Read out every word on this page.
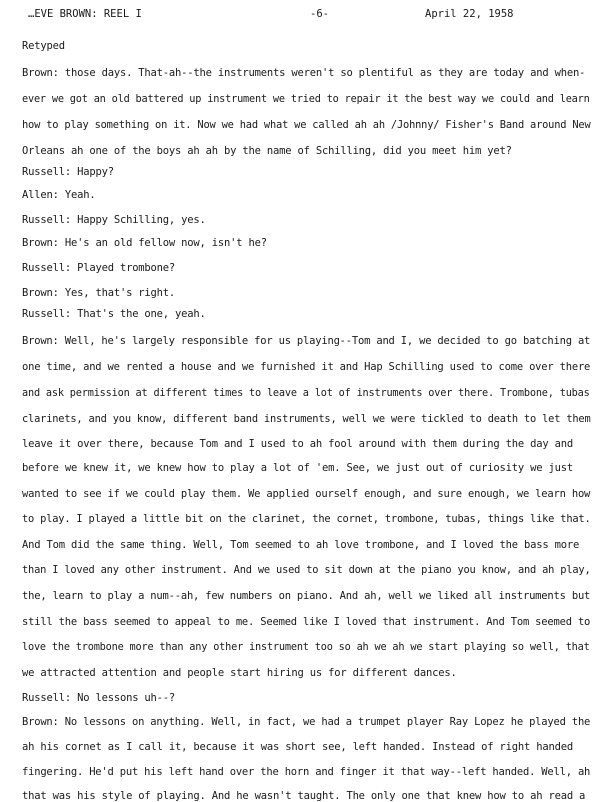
…EVE BROWN: REEL I	-6-	April 22, 1958
Retyped
Brown: those days. That-ah--the instruments weren't so plentiful as they are today and when-
ever we got an old battered up instrument we tried to repair it the best way we could and learn
how to play something on it. Now we had what we called ah ah /Johnny/ Fisher's Band around New
Orleans ah one of the boys ah ah by the name of Schilling, did you meet him yet?
Russell: Happy?
Allen: Yeah.
Russell: Happy Schilling, yes.
Brown: He's an old fellow now, isn't he?
Russell: Played trombone?
Brown: Yes, that's right.
Russell: That's the one, yeah.
Brown: Well, he's largely responsible for us playing--Tom and I, we decided to go batching at
one time, and we rented a house and we furnished it and Hap Schilling used to come over there
and ask permission at different times to leave a lot of instruments over there. Trombone, tubas
clarinets, and you know, different band instruments, well we were tickled to death to let them
leave it over there, because Tom and I used to ah fool around with them during the day and
before we knew it, we knew how to play a lot of 'em. See, we just out of curiosity we just
wanted to see if we could play them. We applied ourself enough, and sure enough, we learn how
to play. I played a little bit on the clarinet, the cornet, trombone, tubas, things like that.
And Tom did the same thing. Well, Tom seemed to ah love trombone, and I loved the bass more
than I loved any other instrument. And we used to sit down at the piano you know, and ah play,
the, learn to play a num--ah, few numbers on piano. And ah, well we liked all instruments but
still the bass seemed to appeal to me. Seemed like I loved that instrument. And Tom seemed to
love the trombone more than any other instrument too so ah we ah we start playing so well, that
we attracted attention and people start hiring us for different dances.
Russell: No lessons uh--?
Brown: No lessons on anything. Well, in fact, we had a trumpet player Ray Lopez he played the
ah his cornet as I call it, because it was short see, left handed. Instead of right handed
fingering. He'd put his left hand over the horn and finger it that way--left handed. Well, ah
that was his style of playing. And he wasn't taught. The only one that knew how to ah read a
